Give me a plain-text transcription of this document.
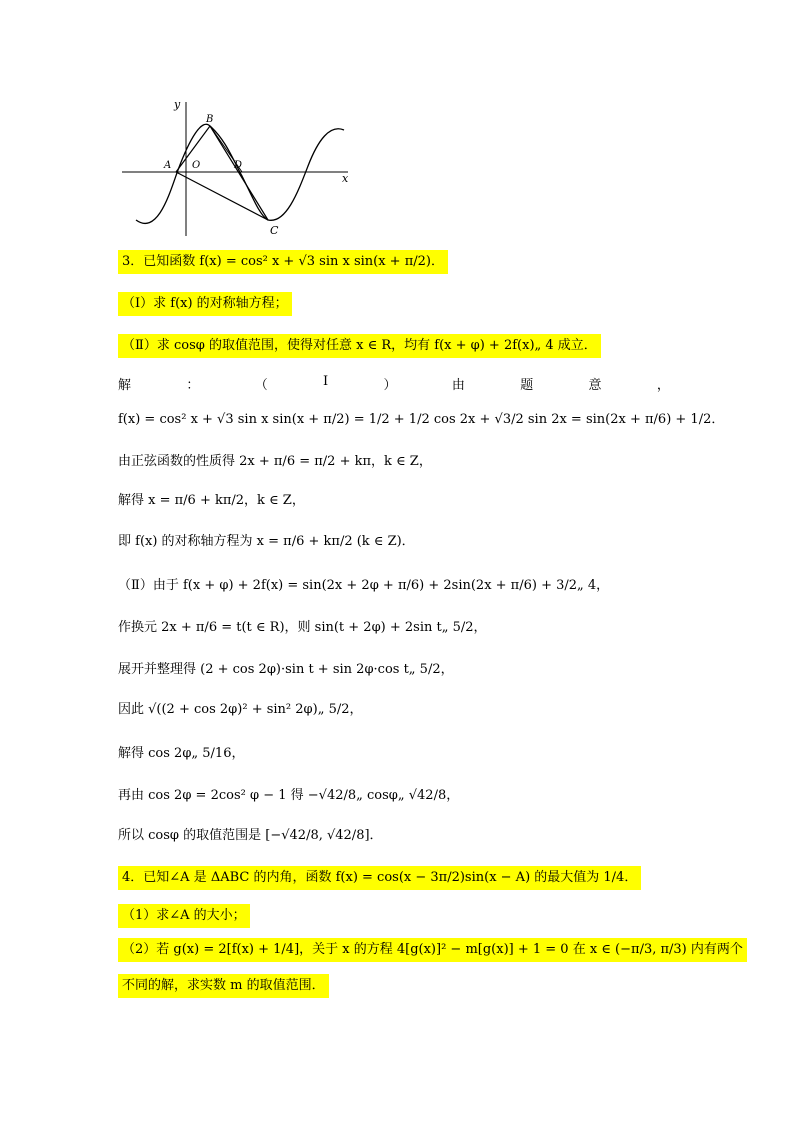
y
x
A O
B
D
C
3．已知函数 f(x) = cos² x + √3 sin x sin(x + π/2)．
（Ⅰ）求 f(x) 的对称轴方程；
（Ⅱ）求 cosφ 的取值范围，使得对任意 x ∈ R，均有 f(x + φ) + 2f(x)„ 4 成立．
解	：	（	Ⅰ	）	由	题	意	，
f(x) = cos² x + √3 sin x sin(x + π/2) = 1/2 + 1/2 cos 2x + √3/2 sin 2x = sin(2x + π/6) + 1/2．
由正弦函数的性质得 2x + π/6 = π/2 + kπ，k ∈ Z，
解得 x = π/6 + kπ/2，k ∈ Z，
即 f(x) 的对称轴方程为 x = π/6 + kπ/2 (k ∈ Z)．
（Ⅱ）由于 f(x + φ) + 2f(x) = sin(2x + 2φ + π/6) + 2sin(2x + π/6) + 3/2„ 4，
作换元 2x + π/6 = t(t ∈ R)，则 sin(t + 2φ) + 2sin t„ 5/2，
展开并整理得 (2 + cos 2φ)·sin t + sin 2φ·cos t„ 5/2，
因此 √((2 + cos 2φ)² + sin² 2φ)„ 5/2，
解得 cos 2φ„ 5/16，
再由 cos 2φ = 2cos² φ − 1 得 −√42/8„ cosφ„ √42/8，
所以 cosφ 的取值范围是 [−√42/8, √42/8]．
4．已知∠A 是 ΔABC 的内角，函数 f(x) = cos(x − 3π/2)sin(x − A) 的最大值为 1/4．
（1）求∠A 的大小；
（2）若 g(x) = 2[f(x) + 1/4]，关于 x 的方程 4[g(x)]² − m[g(x)] + 1 = 0 在 x ∈ (−π/3, π/3) 内有两个
不同的解，求实数 m 的取值范围．
